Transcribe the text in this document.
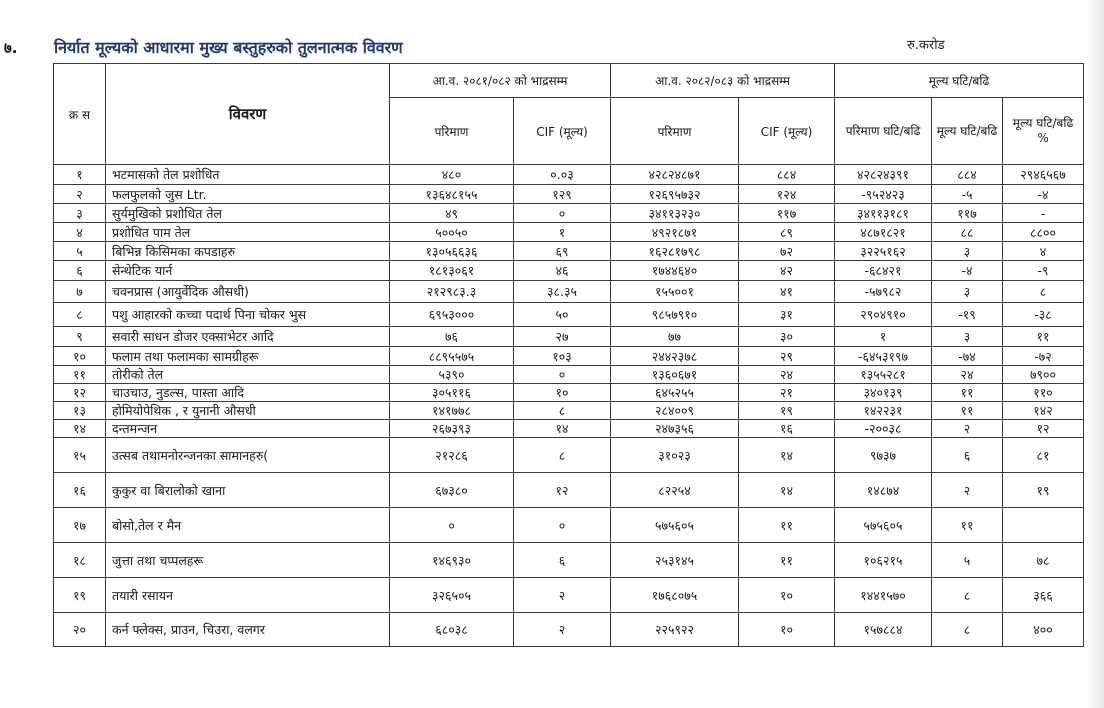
७. निर्यात मूल्यको आधारमा मुख्य बस्तुहरुको तुलनात्मक विवरण	रु.करोड
क्र स	विवरण	आ.व. २०८१/०८२ को भाद्रसम्म		आ.व. २०८२/०८३ को भाद्रसम्म		मूल्य घटि/बढि		
		परिमाण	CIF (मूल्य)	परिमाण	CIF (मूल्य)	परिमाण घटि/बढि	मूल्य घटि/बढि	मूल्य घटि/बढि %
१	भटमासको तेल प्रशोधित	४८०	०.०३	४२८२४८७१	८८४	४२८२४३९१	८८४	२९४६५६७
२	फलफुलको जुस Ltr.	१३६४८१५५	१२९	१२६९५७३२	१२४	-९५२४२३	-५	-४
३	सुर्यमुखिको प्रशोधित तेल	४९	०	३४११३२३०	११७	३४११३१८१	११७	-
४	प्रशोधित पाम तेल	५००५०	१	४९२१८७१	८९	४८७१८२१	८८	८८००
५	बिभिन्न किसिमका कपडाहरु	१३०५६६३६	६९	१६२८१७९८	७२	३२२५१६२	३	४
६	सेन्थेटिक यार्न	१८१३०६१	४६	१७४४६४०	४२	-६८४२१	-४	-९
७	चवनप्रास (आयुर्वेदिक औसधी)	२१२९८३.३	३८.३५	१५५००१	४१	-५७९८२	३	८
८	पशु आहारको कच्चा पदार्थ पिना चोकर भुस	६९५३०००	५०	९८५७९१०	३१	२९०४९१०	-१९	-३८
९	सवारी साधन डोजर एक्साभेटर आदि	७६	२७	७७	३०	१	३	११
१०	फलाम तथा फलामका सामग्रीहरू	८८९५५७५	१०३	२४४२३७८	२९	-६४५३१९७	-७४	-७२
११	तोरीको तेल	५३९०	०	१३६०६७१	२४	१३५५२८१	२४	७९००
१२	चाउचाउ, नुडल्स, पास्ता आदि	३०५११६	१०	६४५२५५	२१	३४०१३९	११	११०
१३	होमियोपेथिक , र युनानी औसधी	१४१७७८	८	२८४००९	१९	१४२२३१	११	१४२
१४	दन्तमन्जन	२६७३९३	१४	२४७३५६	१६	-२००३८	२	१२
१५	उत्सब तथामनोरन्जनका सामानहरु(	२१२८६	८	३१०२३	१४	९७३७	६	८१
१६	कुकुर वा बिरालोको खाना	६७३८०	१२	८२२५४	१४	१४८७४	२	१९
१७	बोसो,तेल र मैन	०	०	५७५६०५	११	५७५६०५	११	
१८	जुत्ता तथा चप्पलहरू	१४६९३०	६	२५३१४५	११	१०६२१५	५	७८
१९	तयारी रसायन	३२६५०५	२	१७६८०७५	१०	१४४१५७०	८	३६६
२०	कर्न फ्लेक्स, प्राउन, चिउरा, वलगर	६८०३८	२	२२५९२२	१०	१५७८८४	८	४००
